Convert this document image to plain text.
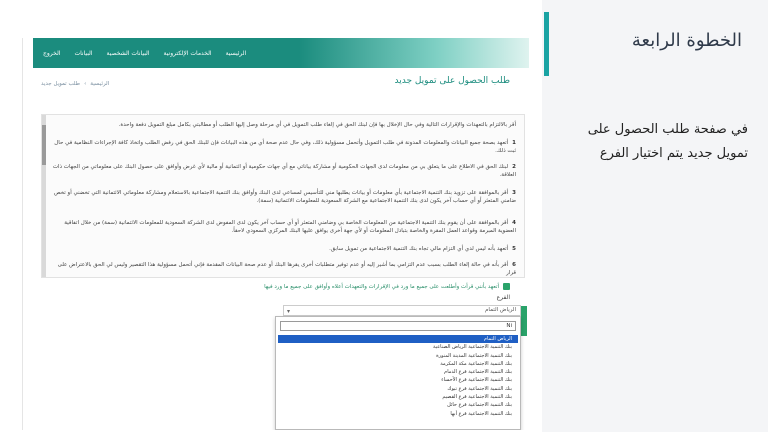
الخطوة الرابعة
في صفحة طلب الحصول على تمويل جديد يتم اختيار الفرع
الخروج البيانات البيانات الشخصية الخدمات الإلكترونية الرئيسية
الرئيسية
›
طلب تمويل جديد	طلب الحصول على تمويل جديد
أقر بالالتزام بالتعهدات والإقرارات التالية وفي حال الإخلال بها فإن لبنك الحق في إلغاء طلب التمويل في أي مرحلة وصل إليها الطلب أو مطالبتي بكامل مبلغ التمويل دفعة واحدة.
1أتعهد بصحة جميع البيانات والمعلومات المدونة في طلب التمويل وأتحمل مسؤولية ذلك، وفي حال عدم صحة أي من هذه البيانات فإن للبنك الحق في رفض الطلب واتخاذ كافة الإجراءات النظامية في حال ثبت ذلك.
2لبنك الحق في الاطلاع على ما يتعلق بي من معلومات لدى الجهات الحكومية أو مشاركة بياناتي مع أي جهات حكومية أو ائتمانية أو مالية لأي غرض وأوافق على حصول البنك على معلوماتي من الجهات ذات العلاقة.
3أقر بالموافقة على تزويد بنك التنمية الاجتماعية بأي معلومات أو بيانات يطلبها مني للتأسيس لمساعي لدى البنك وأوافق بنك التنمية الاجتماعية بالاستعلام ومشاركة معلوماتي الائتمانية التي تخضني أو تخص ضامني المتعثر أو أي حساب آخر يكون لدى بنك التنمية الاجتماعية مع الشركة السعودية للمعلومات الائتمانية (سمة).
4أقر بالموافقة على أن يقوم بنك التنمية الاجتماعية من المعلومات الخاصة بي وضامني المتعثر أو أي حساب آخر يكون لدى المفوض لدى الشركة السعودية للمعلومات الائتمانية (سمة) من خلال اتفاقية العضوية المبرمة وقواعد العمل المقرة والخاصة بتبادل المعلومات أو لأي جهة أخرى يوافق عليها البنك المركزي السعودي لاحقاً.
5أتعهد بأنه ليس لدي أي التزام مالي تجاه بنك التنمية الاجتماعية من تمويل سابق.
6أقر بأنه في حالة إلغاء الطلب بسبب عدم التزامي بما أشير إليه أو عدم توفير متطلبات أخرى يقرها البنك أو عدم صحة البيانات المقدمة فإني أتحمل مسؤولية هذا التقصير وليس لي الحق بالاعتراض على قرار
أتعهد بأنني قرأت وأطلعت على جميع ما ورد في الإقرارات والتعهدات أعلاه وأوافق على جميع ما ورد فيها
الفرع
الرياض التمام
▾
Ni
الرياض التمام
بنك التنمية الاجتماعية الرياض الصناعية
بنك التنمية الاجتماعية المدينة المنورة
بنك التنمية الاجتماعية مكة المكرمة
بنك التنمية الاجتماعية فرع الدمام
بنك التنمية الاجتماعية فرع الأحساء
بنك التنمية الاجتماعية فرع تبوك
بنك التنمية الاجتماعية فرع القصيم
بنك التنمية الاجتماعية فرع حائل
بنك التنمية الاجتماعية فرع أبها
